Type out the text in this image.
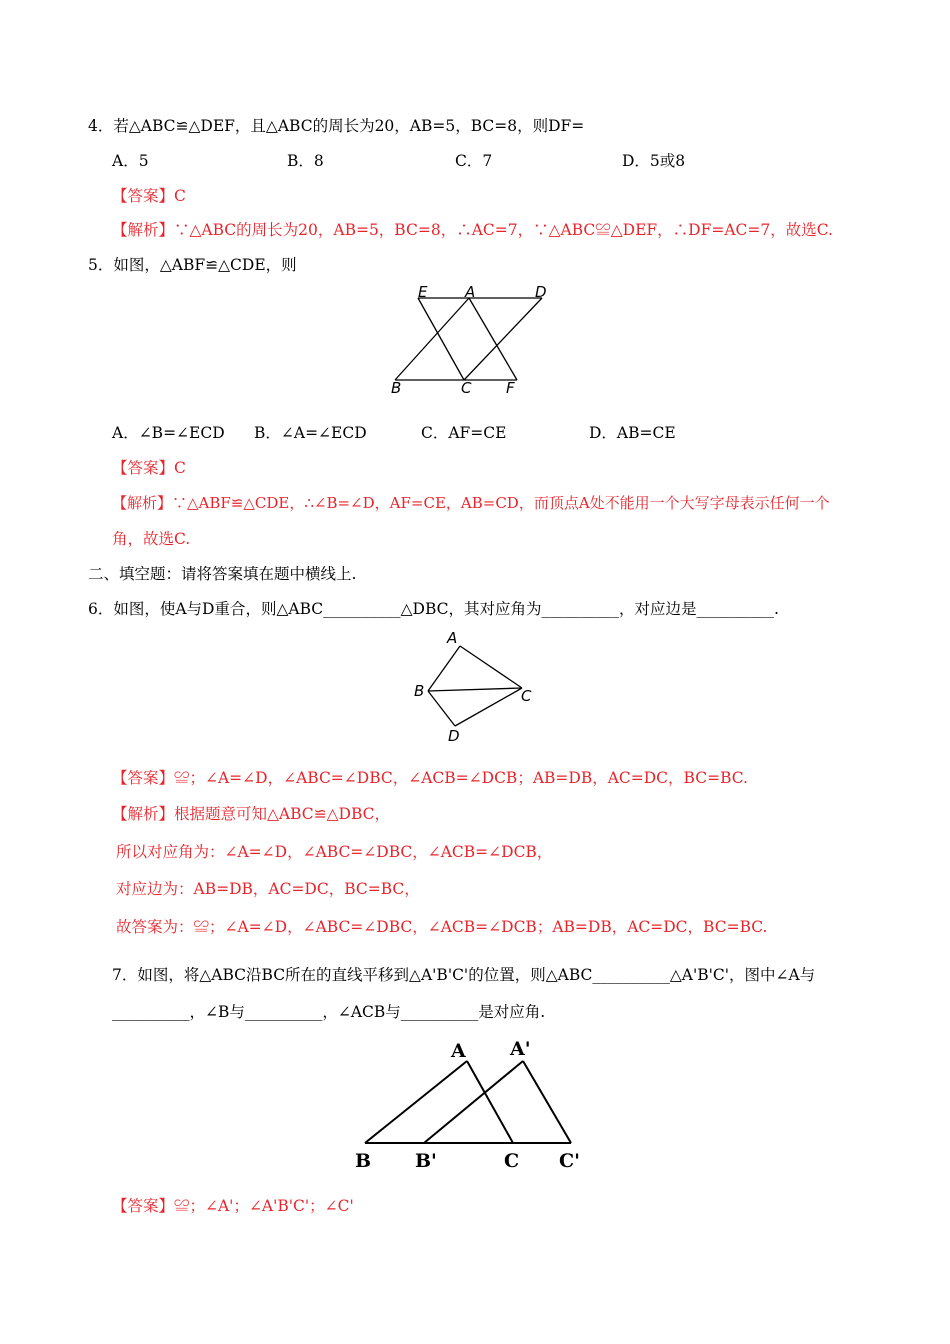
4．若△ABC≌△DEF，且△ABC的周长为20，AB=5，BC=8，则DF=
A．5	B．8	C．7	D．5或8
【答案】C
【解析】∵△ABC的周长为20，AB=5，BC=8，∴AC=7，∵△ABC≌△DEF，∴DF=AC=7，故选C.
5．如图，△ABF≌△CDE，则
E	A	D
B	C F
A．∠B=∠ECD B．∠A=∠ECD	C．AF=CE	D．AB=CE
【答案】C
【解析】∵△ABF≌△CDE，∴∠B=∠D，AF=CE，AB=CD，而顶点A处不能用一个大写字母表示任何一个
角，故选C.
二、填空题：请将答案填在题中横线上.
6．如图，使A与D重合，则△ABC__________△DBC，其对应角为__________，对应边是__________.
A
B	C
D
【答案】≌；∠A=∠D，∠ABC=∠DBC，∠ACB=∠DCB；AB=DB，AC=DC，BC=BC.
【解析】根据题意可知△ABC≌△DBC，
所以对应角为：∠A=∠D，∠ABC=∠DBC，∠ACB=∠DCB，
对应边为：AB=DB，AC=DC，BC=BC，
故答案为：≌；∠A=∠D，∠ABC=∠DBC，∠ACB=∠DCB；AB=DB，AC=DC，BC=BC.
7．如图，将△ABC沿BC所在的直线平移到△A'B'C'的位置，则△ABC__________△A'B'C'，图中∠A与
__________，∠B与__________，∠ACB与__________是对应角.
A A'
B B'	C C'
【答案】≌；∠A'；∠A'B'C'；∠C'
